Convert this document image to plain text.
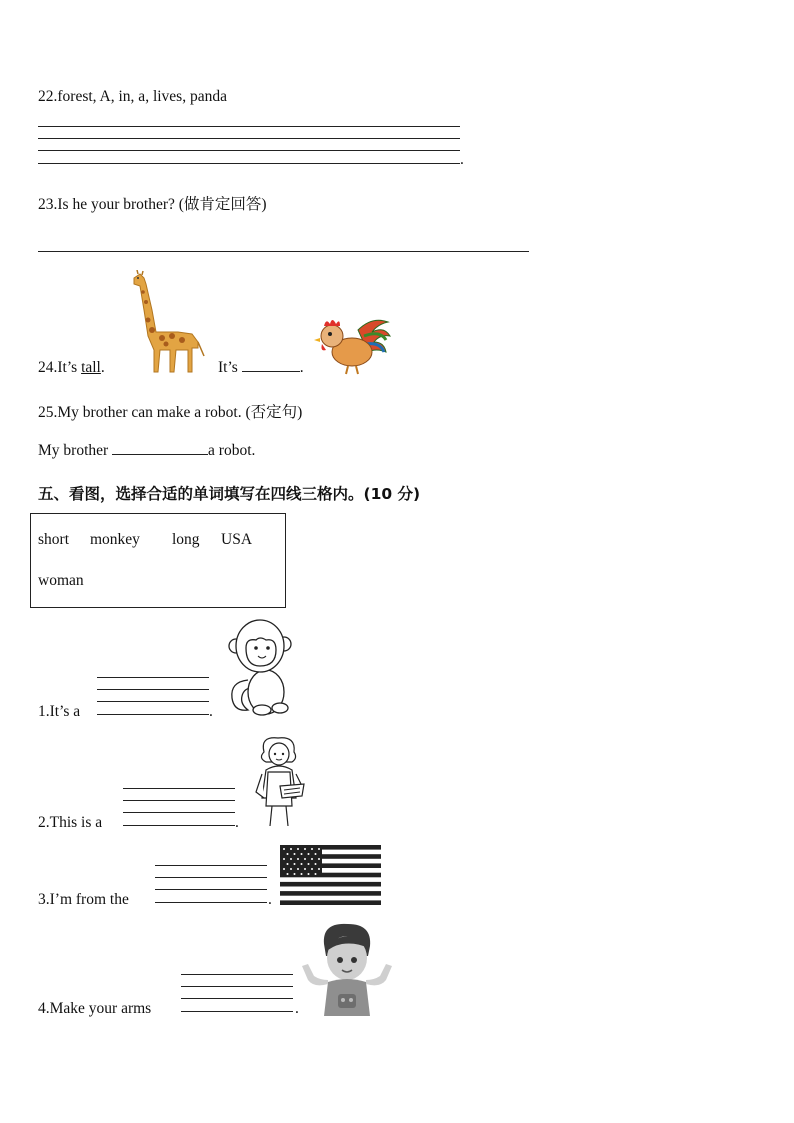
22.forest, A, in, a, lives, panda
.
23.Is he your brother? (做肯定回答)
24.It’s tall.	It’s	.
25.My brother can make a robot. (否定句)
My brother	a robot.
五、看图，选择合适的单词填写在四线三格内。(10 分)
short monkey long USA
woman
1.It’s a	.
2.This is a	.
3.I’m from the	.
4.Make your arms	.
